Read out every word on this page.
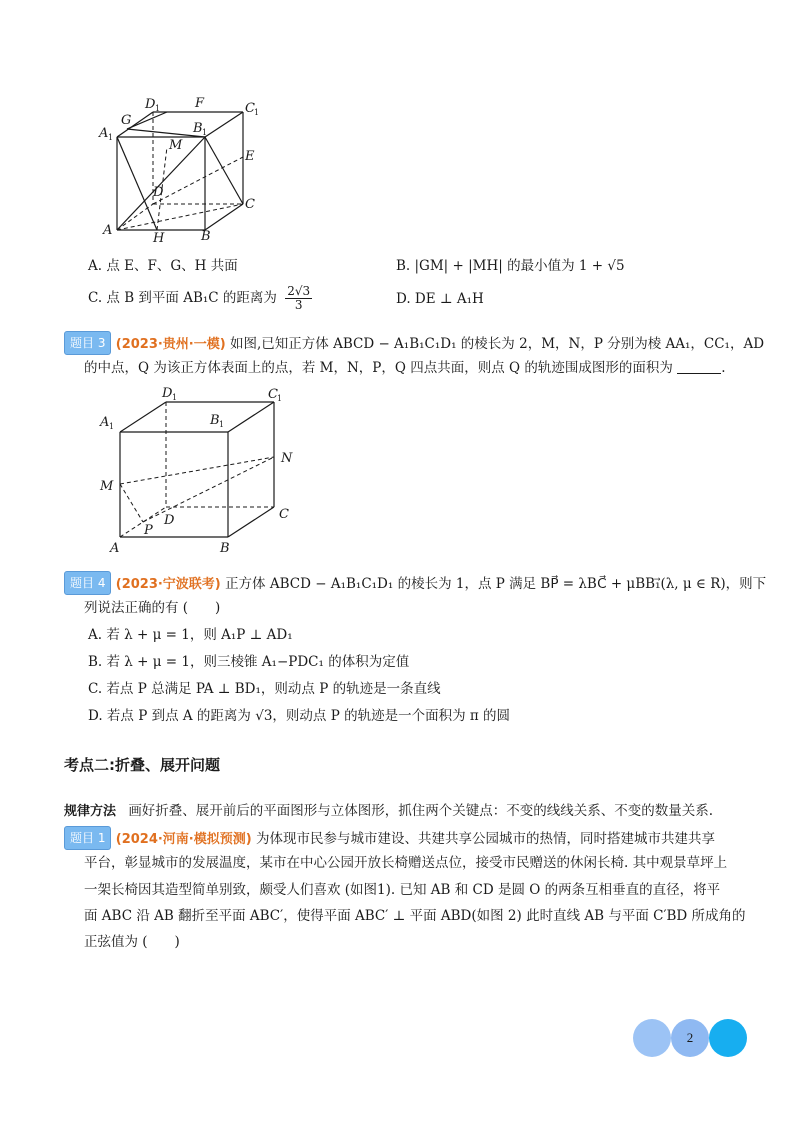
D 1	F	C 1
A 1
G
B 1
M
E
D
C
A
H	B
A. 点 E、F、G、H 共面	B. |GM| + |MH| 的最小值为 1 + √5
C. 点 B 到平面 AB₁C 的距离为 $\frac{2√3}{3}$	D. DE ⊥ A₁H
题目 3 (2023·贵州·一模) 如图,已知正方体 ABCD − A₁B₁C₁D₁ 的棱长为 2，M，N，P 分别为棱 AA₁，CC₁，AD
的中点，Q 为该正方体表面上的点，若 M，N，P，Q 四点共面，则点 Q 的轨迹围成图形的面积为	.
D 1	C 1
A 1	B 1
N
M
D	C
P
A	B
题目 4 (2023·宁波联考) 正方体 ABCD − A₁B₁C₁D₁ 的棱长为 1，点 P 满足 BP⃗ = λBC⃗ + μBB₁⃗(λ, μ ∈ R)，则下
列说法正确的有 (　　)
A. 若 λ + μ = 1，则 A₁P ⊥ AD₁
B. 若 λ + μ = 1，则三棱锥 A₁−PDC₁ 的体积为定值
C. 若点 P 总满足 PA ⊥ BD₁，则动点 P 的轨迹是一条直线
D. 若点 P 到点 A 的距离为 √3，则动点 P 的轨迹是一个面积为 π 的圆
考点二:折叠、展开问题
规律方法 画好折叠、展开前后的平面图形与立体图形，抓住两个关键点：不变的线线关系、不变的数量关系.
题目 1 (2024·河南·模拟预测) 为体现市民参与城市建设、共建共享公园城市的热情，同时搭建城市共建共享
平台，彰显城市的发展温度，某市在中心公园开放长椅赠送点位，接受市民赠送的休闲长椅. 其中观景草坪上
一架长椅因其造型简单别致，颇受人们喜欢 (如图1). 已知 AB 和 CD 是圆 O 的两条互相垂直的直径，将平
面 ABC 沿 AB 翻折至平面 ABC′，使得平面 ABC′ ⊥ 平面 ABD(如图 2) 此时直线 AB 与平面 C′BD 所成角的
正弦值为 (　　)
2
